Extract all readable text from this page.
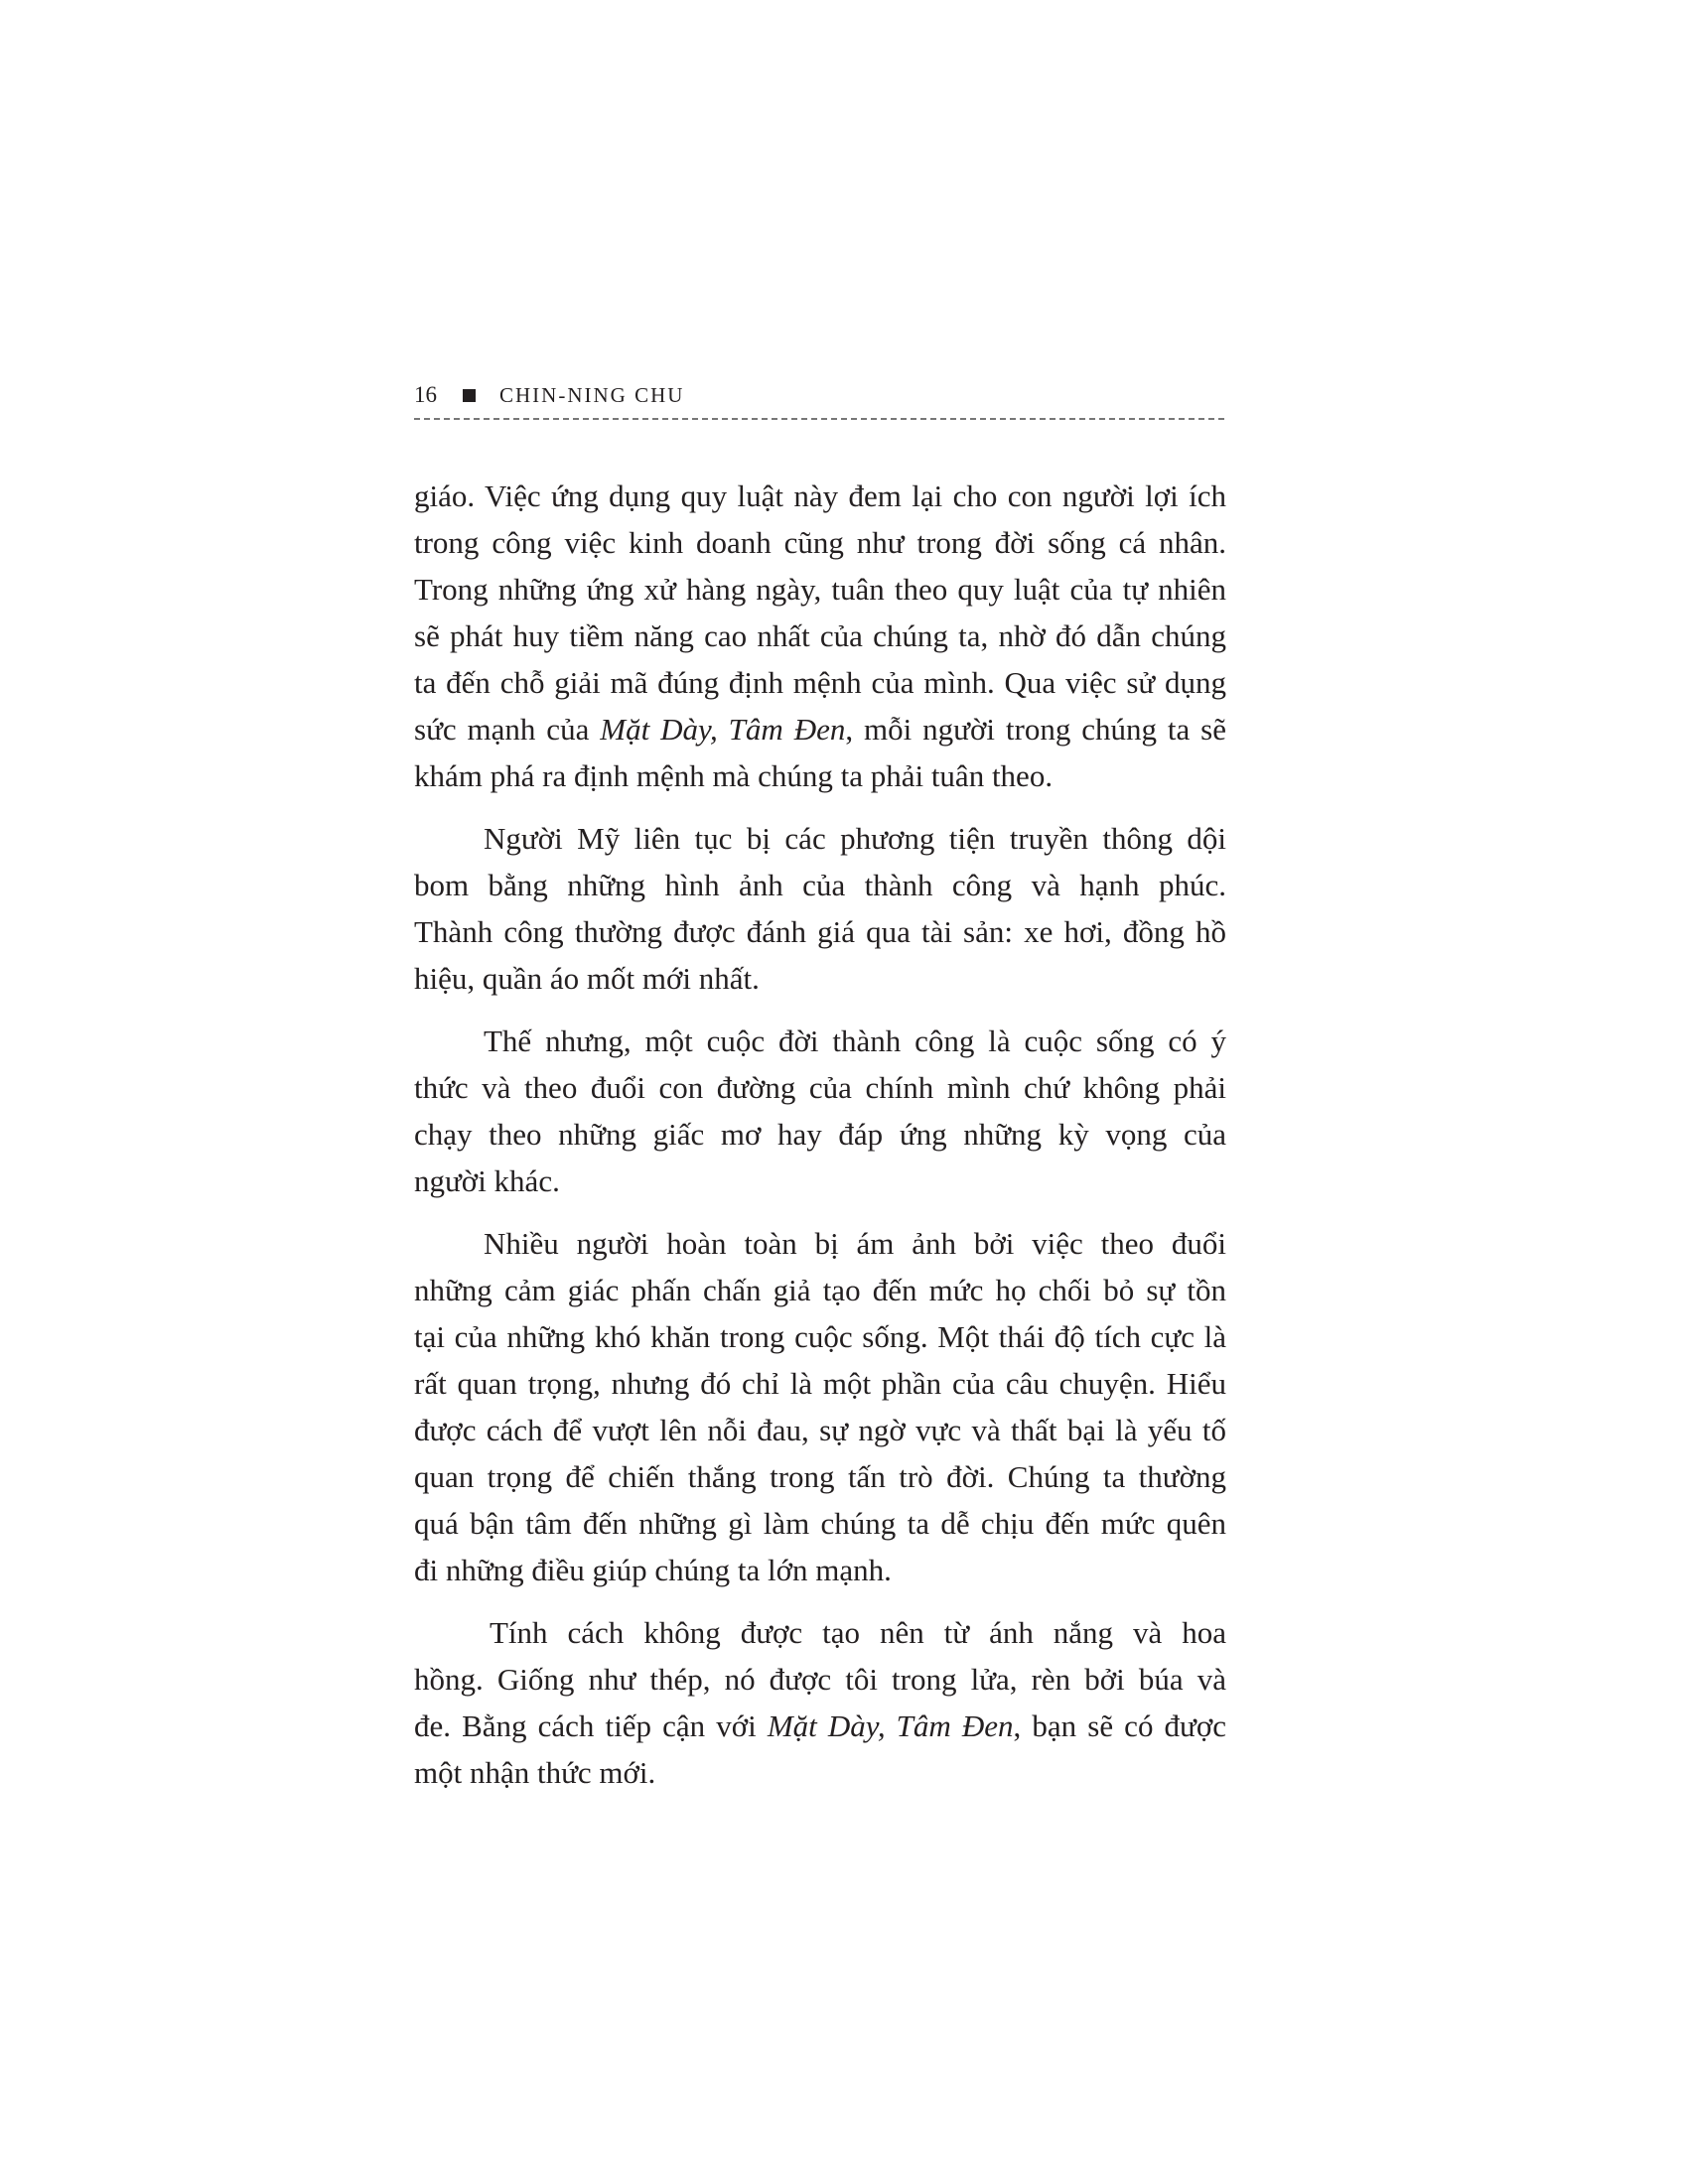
16	CHIN-NING CHU
giáo. Việc ứng dụng quy luật này đem lại cho con người lợi ích
trong công việc kinh doanh cũng như trong đời sống cá nhân.
Trong những ứng xử hàng ngày, tuân theo quy luật của tự nhiên
sẽ phát huy tiềm năng cao nhất của chúng ta, nhờ đó dẫn chúng
ta đến chỗ giải mã đúng định mệnh của mình. Qua việc sử dụng
sức mạnh của Mặt Dày, Tâm Đen, mỗi người trong chúng ta sẽ
khám phá ra định mệnh mà chúng ta phải tuân theo.
Người Mỹ liên tục bị các phương tiện truyền thông dội
bom bằng những hình ảnh của thành công và hạnh phúc.
Thành công thường được đánh giá qua tài sản: xe hơi, đồng hồ
hiệu, quần áo mốt mới nhất.
Thế nhưng, một cuộc đời thành công là cuộc sống có ý
thức và theo đuổi con đường của chính mình chứ không phải
chạy theo những giấc mơ hay đáp ứng những kỳ vọng của
người khác.
Nhiều người hoàn toàn bị ám ảnh bởi việc theo đuổi
những cảm giác phấn chấn giả tạo đến mức họ chối bỏ sự tồn
tại của những khó khăn trong cuộc sống. Một thái độ tích cực là
rất quan trọng, nhưng đó chỉ là một phần của câu chuyện. Hiểu
được cách để vượt lên nỗi đau, sự ngờ vực và thất bại là yếu tố
quan trọng để chiến thắng trong tấn trò đời. Chúng ta thường
quá bận tâm đến những gì làm chúng ta dễ chịu đến mức quên
đi những điều giúp chúng ta lớn mạnh.
Tính cách không được tạo nên từ ánh nắng và hoa
hồng. Giống như thép, nó được tôi trong lửa, rèn bởi búa và
đe. Bằng cách tiếp cận với Mặt Dày, Tâm Đen, bạn sẽ có được
một nhận thức mới.
